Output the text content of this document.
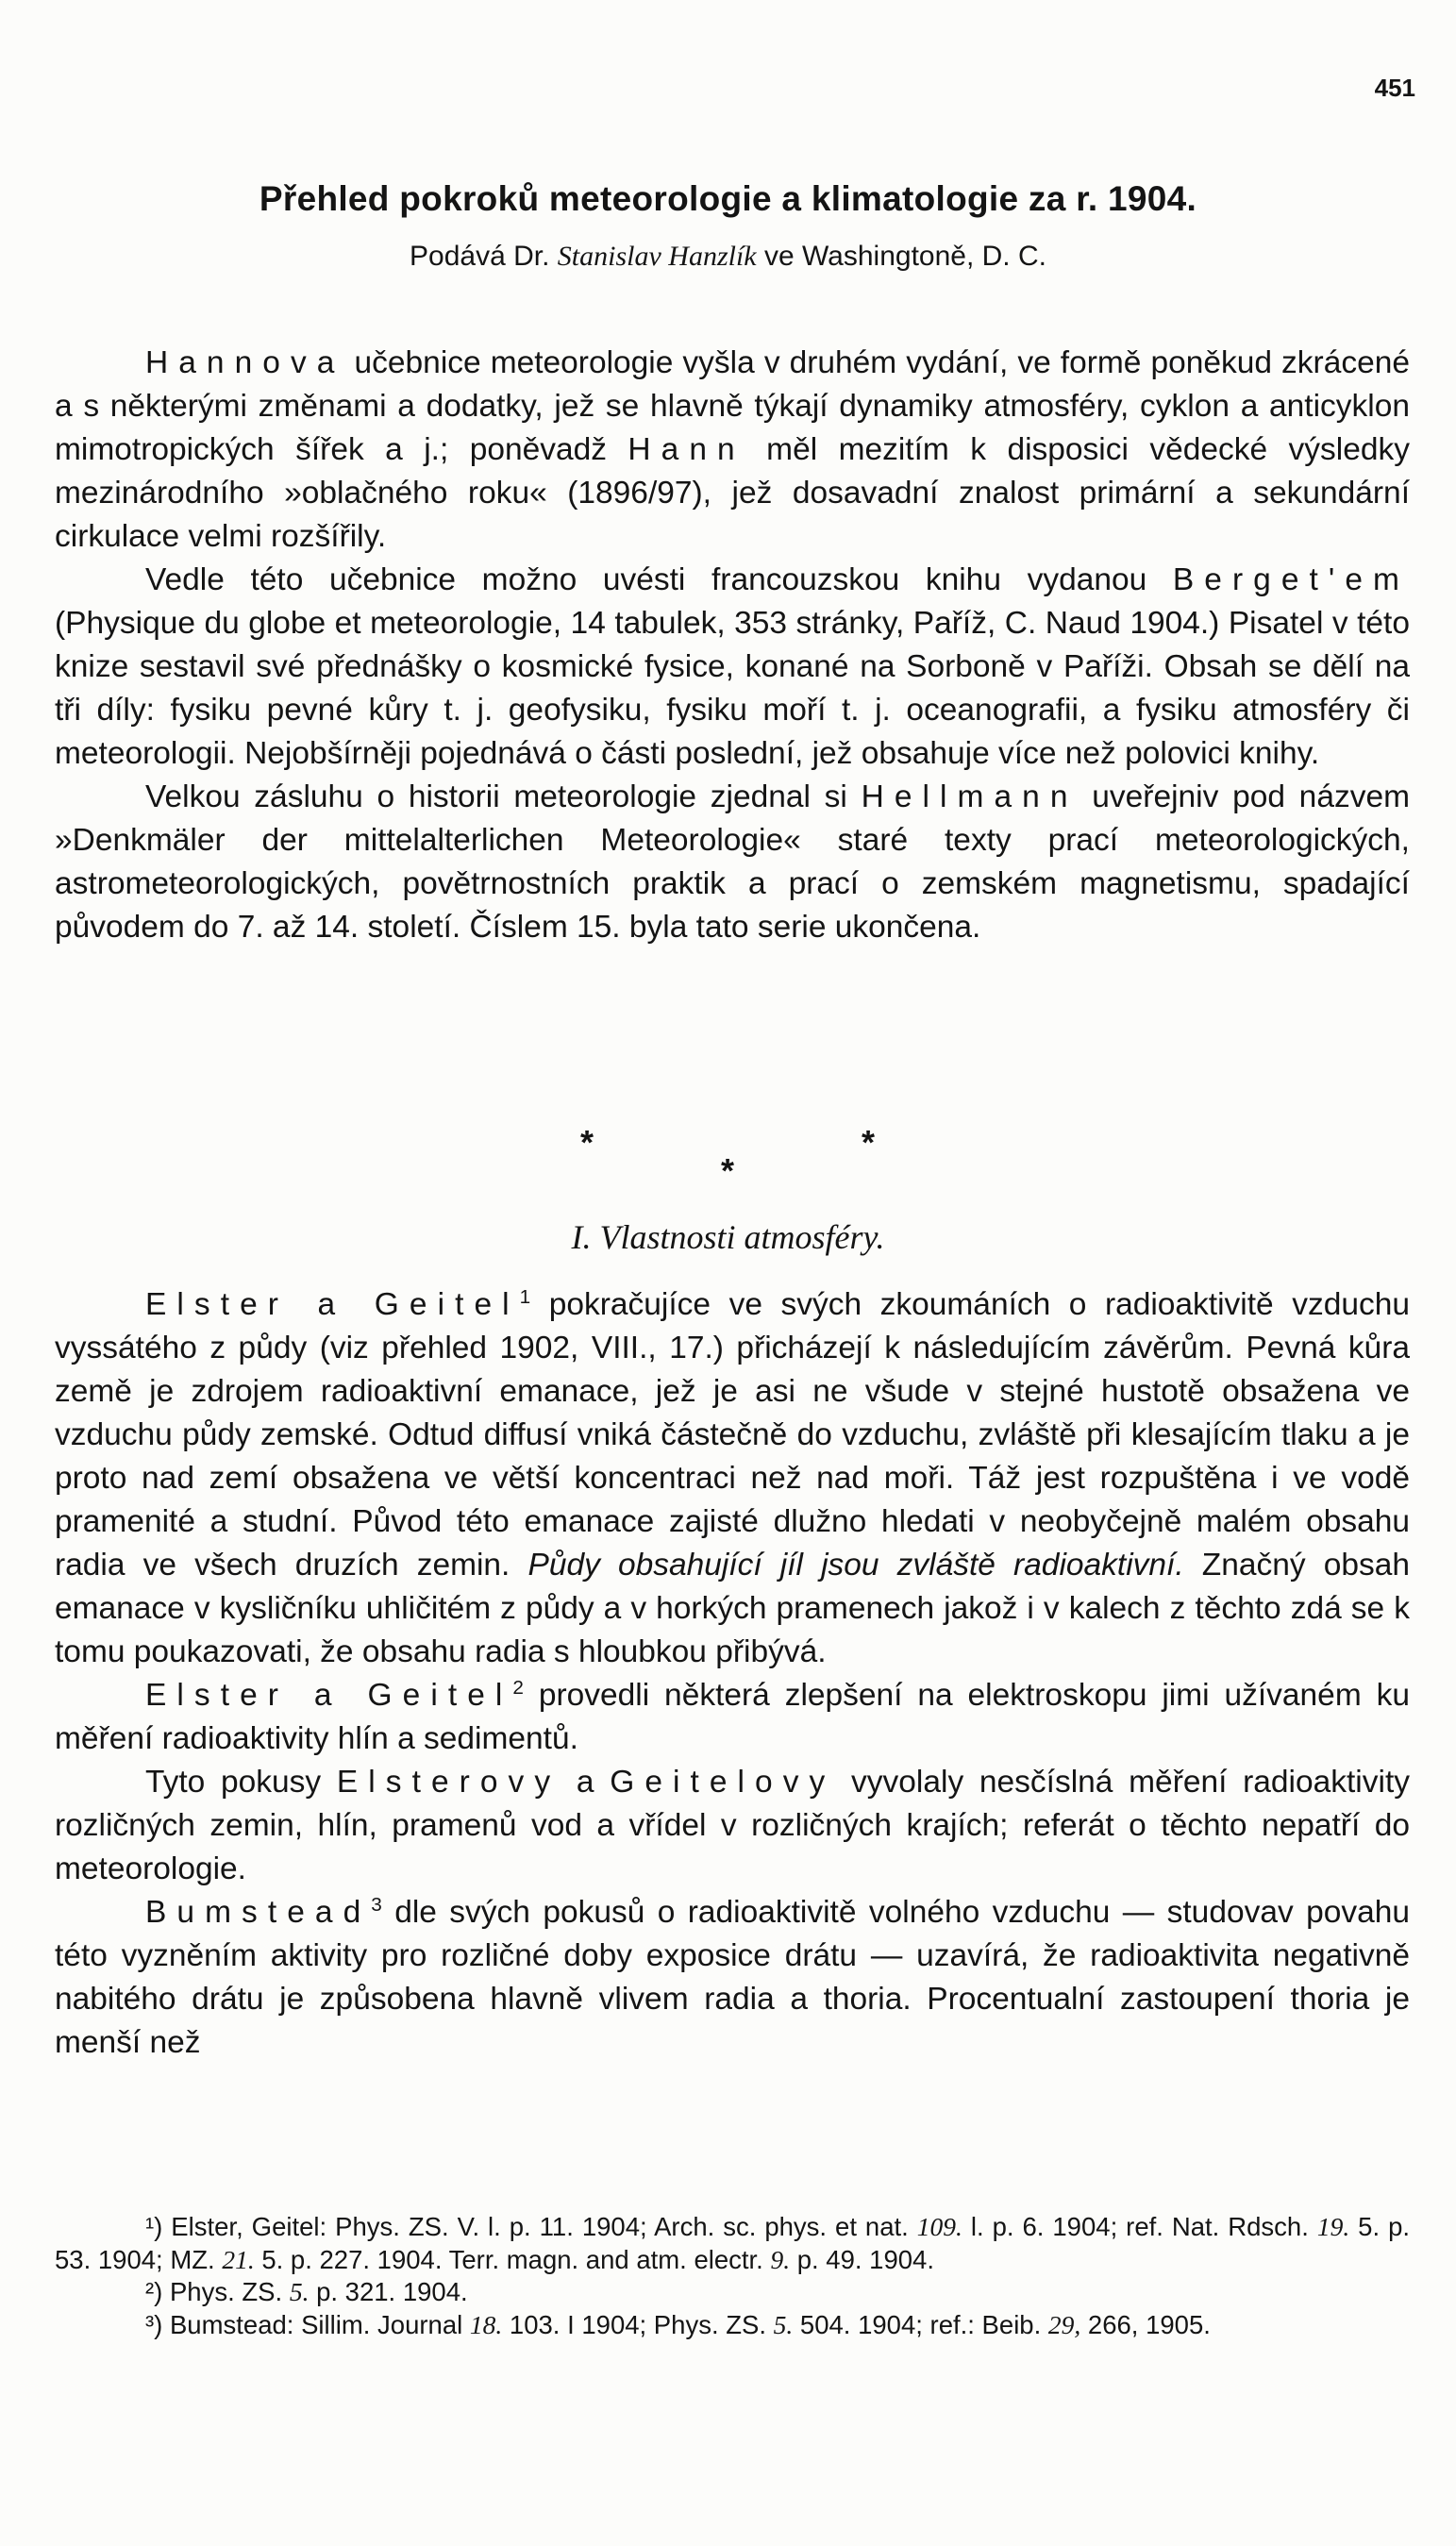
451
Přehled pokroků meteorologie a klimatologie za r. 1904.
Podává Dr. Stanislav Hanzlík ve Washingtoně, D. C.

Hannova učebnice meteorologie vyšla v druhém vydání, ve formě poněkud zkrácené a s některými změnami a dodatky, jež se hlavně týkají dynamiky atmosféry, cyklon a anticyklon mimotropických šířek a j.; poněvadž Hann měl mezitím k disposici vědecké výsledky mezinárodního »oblačného roku« (1896/97), jež dosavadní znalost primární a sekundární cirkulace velmi rozšířily.

Vedle této učebnice možno uvésti francouzskou knihu vydanou Berget'em (Physique du globe et meteorologie, 14 tabulek, 353 stránky, Paříž, C. Naud 1904.) Pisatel v této knize sestavil své přednášky o kosmické fysice, konané na Sorboně v Paříži. Obsah se dělí na tři díly: fysiku pevné kůry t. j. geofysiku, fysiku moří t. j. oceanografii, a fysiku atmosféry či meteorologii. Nejobšírněji pojednává o části poslední, jež obsahuje více než polovici knihy.

Velkou zásluhu o historii meteorologie zjednal si Hellmann uveřejniv pod názvem »Denkmäler der mittelalterlichen Meteorologie« staré texty prací meteorologických, astrometeorologických, povětrnostních praktik a prací o zemském magnetismu, spadající původem do 7. až 14. století. Číslem 15. byla tato serie ukončena.

*	*
*
I. Vlastnosti atmosféry.

Elster a Geitel$^1$ pokračujíce ve svých zkoumáních o radioaktivitě vzduchu vyssátého z půdy (viz přehled 1902, VIII., 17.) přicházejí k následujícím závěrům. Pevná kůra země je zdrojem radioaktivní emanace, jež je asi ne všude v stejné hustotě obsažena ve vzduchu půdy zemské. Odtud diffusí vniká částečně do vzduchu, zvláště při klesajícím tlaku a je proto nad zemí obsažena ve větší koncentraci než nad moři. Táž jest rozpuštěna i ve vodě pramenité a studní. Původ této emanace zajisté dlužno hledati v neobyčejně malém obsahu radia ve všech druzích zemin. Půdy obsahující jíl jsou zvláště radioaktivní. Značný obsah emanace v kysličníku uhličitém z půdy a v horkých pramenech jakož i v kalech z těchto zdá se k tomu poukazovati, že obsahu radia s hloubkou přibývá.

Elster a Geitel$^2$ provedli některá zlepšení na elektroskopu jimi užívaném ku měření radioaktivity hlín a sedimentů.

Tyto pokusy Elsterovy a Geitelovy vyvolaly nesčíslná měření radioaktivity rozličných zemin, hlín, pramenů vod a vřídel v rozličných krajích; referát o těchto nepatří do meteorologie.

Bumstead$^3$ dle svých pokusů o radioaktivitě volného vzduchu — studovav povahu této vyzněním aktivity pro rozličné doby exposice drátu — uzavírá, že radioaktivita negativně nabitého drátu je způsobena hlavně vlivem radia a thoria. Procentualní zastoupení thoria je menší než

¹) Elster, Geitel: Phys. ZS. V. l. p. 11. 1904; Arch. sc. phys. et nat. 109. l. p. 6. 1904; ref. Nat. Rdsch. 19. 5. p. 53. 1904; MZ. 21. 5. p. 227. 1904. Terr. magn. and atm. electr. 9. p. 49. 1904.

²) Phys. ZS. 5. p. 321. 1904.

³) Bumstead: Sillim. Journal 18. 103. I 1904; Phys. ZS. 5. 504. 1904; ref.: Beib. 29, 266, 1905.
